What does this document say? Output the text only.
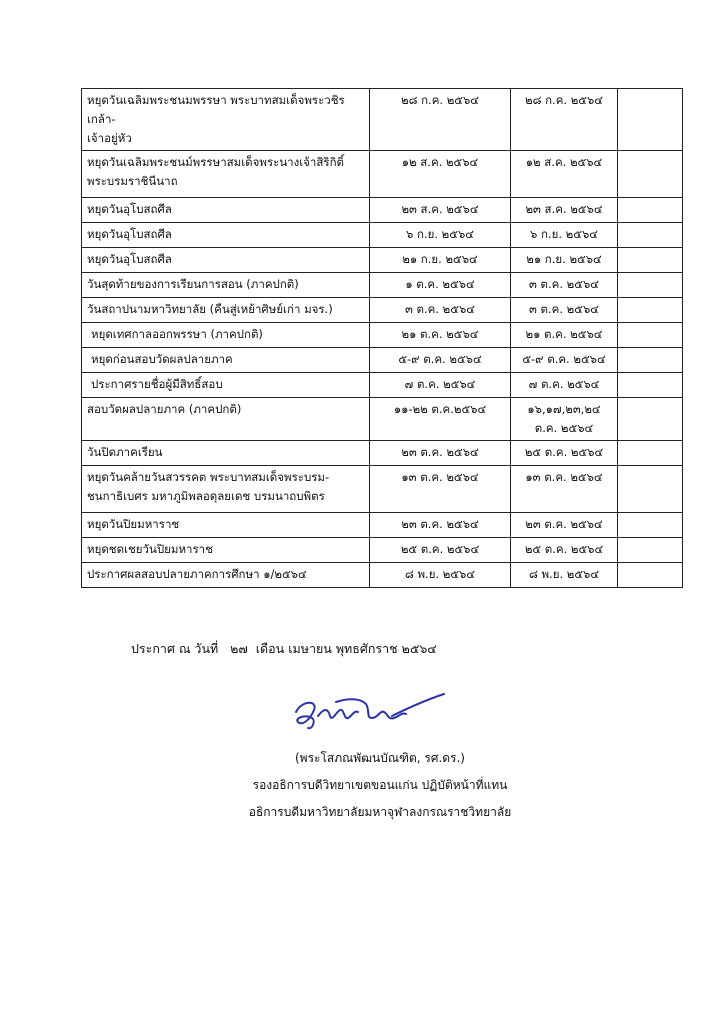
หยุดวันเฉลิมพระชนมพรรษา พระบาทสมเด็จพระวชิรเกล้า-
เจ้าอยู่หัว	๒๘ ก.ค. ๒๕๖๔	๒๘ ก.ค. ๒๕๖๔	

หยุดวันเฉลิมพระชนม์พรรษาสมเด็จพระนางเจ้าสิริกิติ์
พระบรมราชินีนาถ	๑๒ ส.ค. ๒๕๖๔	๑๒ ส.ค. ๒๕๖๔	

หยุดวันอุโบสถศีล	๒๓ ส.ค. ๒๕๖๔	๒๓ ส.ค. ๒๕๖๔	

หยุดวันอุโบสถศีล	๖ ก.ย. ๒๕๖๔	๖ ก.ย. ๒๕๖๔	

หยุดวันอุโบสถศีล	๒๑ ก.ย. ๒๕๖๔	๒๑ ก.ย. ๒๕๖๔	

วันสุดท้ายของการเรียนการสอน (ภาคปกติ)	๑ ต.ค. ๒๕๖๔	๓ ต.ค. ๒๕๖๔	

วันสถาปนามหาวิทยาลัย (คืนสู่เหย้าศิษย์เก่า มจร.)	๓ ต.ค. ๒๕๖๔	๓ ต.ค. ๒๕๖๔	

หยุดเทศกาลออกพรรษา (ภาคปกติ)	๒๑ ต.ค. ๒๕๖๔	๒๑ ต.ค. ๒๕๖๔	

หยุดก่อนสอบวัดผลปลายภาค	๕-๙ ต.ค. ๒๕๖๔	๕-๙ ต.ค. ๒๕๖๔	

ประกาศรายชื่อผู้มีสิทธิ์สอบ	๗ ต.ค. ๒๕๖๔	๗ ต.ค. ๒๕๖๔	

สอบวัดผลปลายภาค (ภาคปกติ)	๑๑-๒๒ ต.ค.๒๕๖๔	๑๖,๑๗,๒๓,๒๔ ต.ค. ๒๕๖๔	

วันปิดภาคเรียน	๒๓ ต.ค. ๒๕๖๔	๒๕ ต.ค. ๒๕๖๔	

หยุดวันคล้ายวันสวรรคต พระบาทสมเด็จพระบรม-
ชนกาธิเบศร มหาภูมิพลอดุลยเดช บรมนาถบพิตร	๑๓ ต.ค. ๒๕๖๔	๑๓ ต.ค. ๒๕๖๔	

หยุดวันปิยมหาราช	๒๓ ต.ค. ๒๕๖๔	๒๓ ต.ค. ๒๕๖๔	

หยุดชดเชยวันปิยมหาราช	๒๕ ต.ค. ๒๕๖๔	๒๕ ต.ค. ๒๕๖๔	

ประกาศผลสอบปลายภาคการศึกษา ๑/๒๕๖๔	๘ พ.ย. ๒๕๖๔	๘ พ.ย. ๒๕๖๔	
ประกาศ ณ วันที่ ๒๗ เดือน เมษายน พุทธศักราช ๒๕๖๔
(พระโสภณพัฒนบัณฑิต, รศ.ดร.)
รองอธิการบดีวิทยาเขตขอนแก่น ปฏิบัติหน้าที่แทน
อธิการบดีมหาวิทยาลัยมหาจุฬาลงกรณราชวิทยาลัย
